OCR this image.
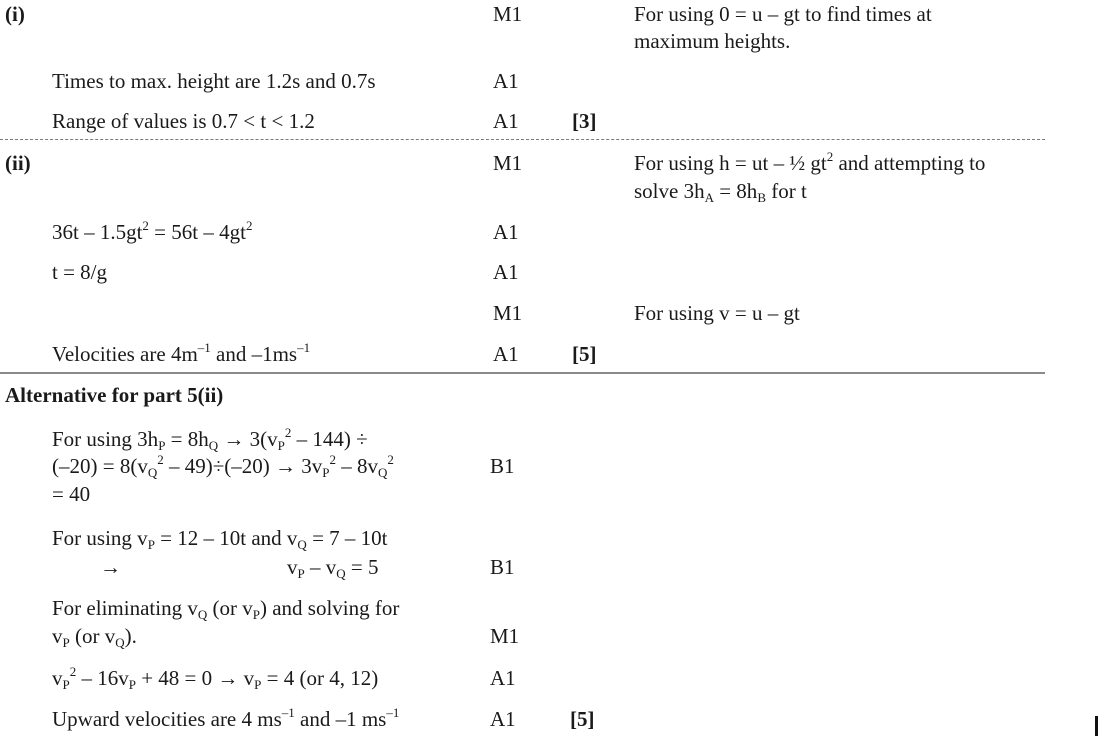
(i)	M1	For using 0 = u – gt to find times at
maximum heights.
Times to max. height are 1.2s and 0.7s	A1
Range of values is 0.7 < t < 1.2	A1	[3]
(ii)	M1	For using h = ut – ½ $gt^2$ and attempting to
solve $3h_A = 8h_B$ for t
$36t - 1.5gt^2 = 56t - 4gt^2$	A1
t = 8/g	A1
M1	For using v = u – gt
Velocities are $4m^{-1}$ and $-1ms^{-1}$	A1	[5]
Alternative for part 5(ii)
For using $3h_P = 8h_Q \to 3(v_P^2 - 144)$ ÷
$(-20) = 8(v_Q^2 - 49)\div(-20) \to 3v_P^2 - 8v_Q^2$
= 40
B1
For using $v_P = 12 - 10t$ and $v_Q = 7 - 10t$
→	$v_P - v_Q = 5$	B1
For eliminating $v_Q$ (or $v_P$) and solving for
$v_P$ (or $v_Q$).	M1
$v_P^2 - 16v_P + 48 = 0 \to v_P = 4$ (or 4, 12)	A1
Upward velocities are 4 $ms^{-1}$ and –1 $ms^{-1}$	A1	[5]
